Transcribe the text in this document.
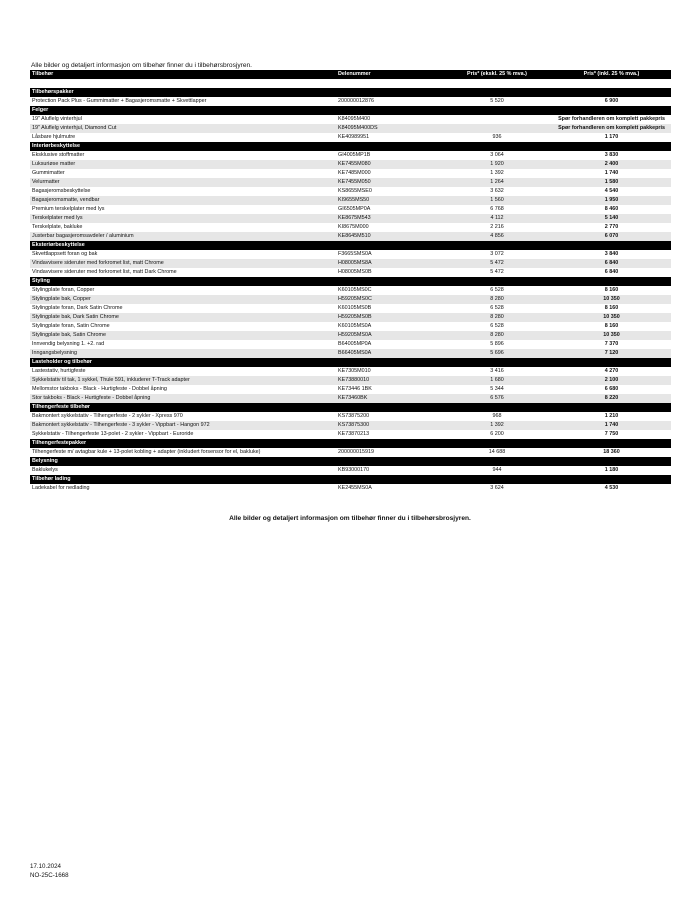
Alle bilder og detaljert informasjon om tilbehør finner du i tilbehørsbrosjyren.
Tilbehør	Delenummer	Pris* (ekskl. 25 % mva.)	Pris* (inkl. 25 % mva.)

Tilbehørspakker			
Protection Pack Plus - Gummimatter + Bagasjeromsmatte + Skvettlapper	200000012876	5 520	6 900
Felger			
19" Aluflelg vinterhjul	K84095M400		Spør forhandleren om komplett pakkepris
19" Aluflelg vinterhjul, Diamond Cut	K84095M400DS		Spør forhandleren om komplett pakkepris
Låsbare hjulmutre	KE40989951	936	1 170
Interiørbeskyttelse			
Eksklusive stoffmatter	GI4005MP1B	3 064	3 830
Luksuriøse matter	KE7455M080	1 920	2 400
Gummimatter	KE7485M000	1 392	1 740
Velurmatter	KE7455M050	1 264	1 580
Bagasjeromsbeskyttelse	KS8655MSE0	3 632	4 540
Bagasjeromsmatte, vendbar	KI9655MS50	1 560	1 950
Premium terskelplater med lys	GI6505MP0A	6 768	8 460
Terskelplater med lys	KE8675M543	4 112	5 140
Terskelplate, bakluke	KI8675M000	2 216	2 770
Justerbar bagasjeromsavdeler / aluminium	KE8645M510	4 856	6 070
Eksteriørbeskyttelse			
Skvettlappsett foran og bak	F3665SMS0A	3 072	3 840
Vindavvisere sideruter med forkromet list, matt Chrome	H08005MS8A	5 472	6 840
Vindavvisere sideruter med forkromet list, matt Dark Chrome	H08005MS0B	5 472	6 840
Styling			
Stylingplate foran, Copper	K60105MS0C	6 528	8 160
Stylingplate bak, Copper	H59205MS0C	8 280	10 350
Stylingplate foran, Dark Satin Chrome	K60105MS0B	6 528	8 160
Stylingplate bak, Dark Satin Chrome	H59205MS0B	8 280	10 350
Stylingplate foran, Satin Chrome	K60105MS0A	6 528	8 160
Stylingplate bak, Satin Chrome	H59205MS0A	8 280	10 350
Innvendig belysning 1. +2. rad	B64005MP0A	5 896	7 370
Inngangsbelysning	B66405MS0A	5 696	7 120
Lasteholder og tilbehør			
Lastestativ, hurtigfeste	KE7305M010	3 416	4 270
Sykkelstativ til tak, 1 sykkel, Thule 591, inkluderer T-Track adapter	KE73880010	1 680	2 100
Mellomstor takboks - Black - Hurtigfeste - Dobbel åpning	KE73446 1BK	5 344	6 680
Stor takboks - Black - Hurtigfeste - Dobbel åpning	KE73460BK	6 576	8 220
Tilhengerfeste tilbehør			
Bakmontert sykkelstativ - Tilhengerfeste - 2 sykler - Xpress 970	KS73875200	968	1 210
Bakmontert sykkelstativ - Tilhengerfeste - 3 sykler - Vippbart - Hangon 972	KS73875300	1 392	1 740
Sykkelstativ - Tilhengerfeste 13-polet - 2 sykler - Vippbart - Euroride	KE73870213	6 200	7 750
Tilhengerfestepakker			
Tilhengerfeste m/ avtagbar kule + 13-polet kobling + adapter (inkludert forsensor for el, bakluke)	200000015919	14 688	18 360
Belysning			
Baklukelys	KB93000170	944	1 180
Tilbehør lading			
Ladekabel for nedlading	KE2455MS0A	3 624	4 530
Alle bilder og detaljert informasjon om tilbehør finner du i tilbehørsbrosjyren.
17.10.2024
NO-25C-1668
